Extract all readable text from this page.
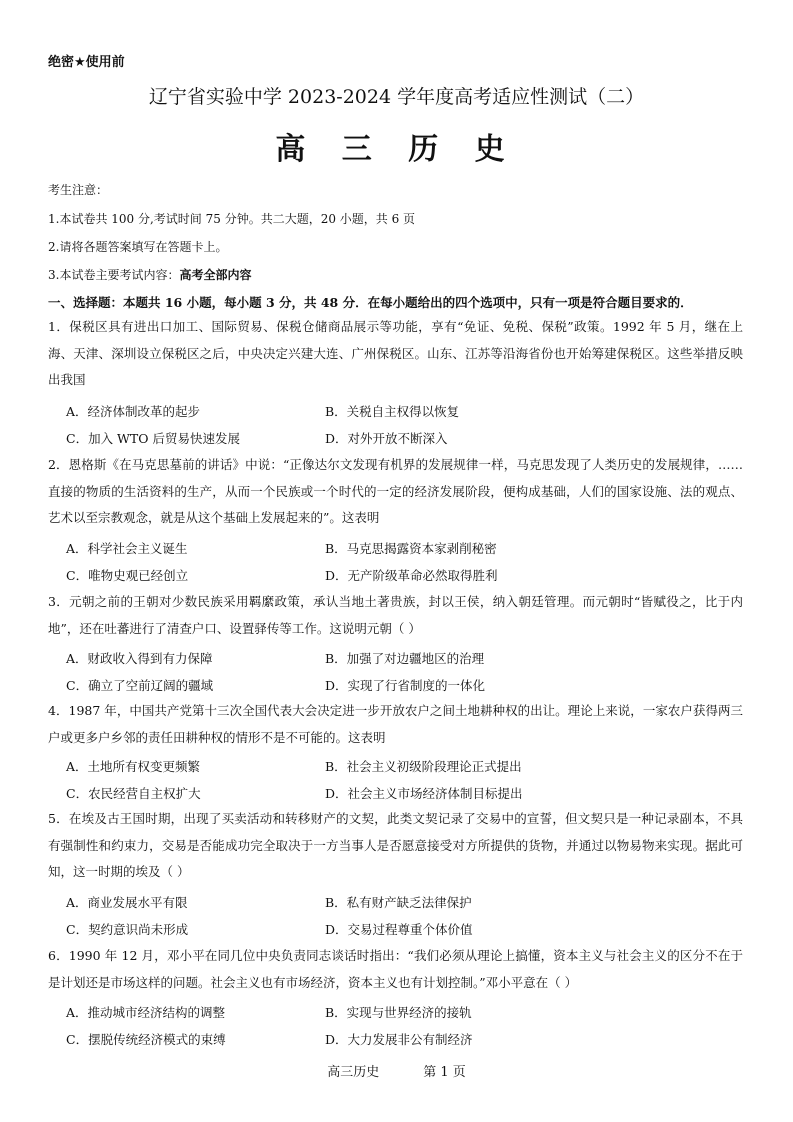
绝密★使用前
辽宁省实验中学 2023-2024 学年度高考适应性测试（二）
高 三 历 史
考生注意：
1.本试卷共 100 分,考试时间 75 分钟。共二大题，20 小题，共 6 页
2.请将各题答案填写在答题卡上。
3.本试卷主要考试内容：高考全部内容
一、选择题：本题共 16 小题，每小题 3 分，共 48 分．在每小题给出的四个选项中，只有一项是符合题目要求的．
1．保税区具有进出口加工、国际贸易、保税仓储商品展示等功能，享有“免证、免税、保税”政策。1992 年 5 月，继在上海、天津、深圳设立保税区之后，中央决定兴建大连、广州保税区。山东、江苏等沿海省份也开始筹建保税区。这些举措反映出我国
A．经济体制改革的起步	B．关税自主权得以恢复
C．加入 WTO 后贸易快速发展	D．对外开放不断深入
2．恩格斯《在马克思墓前的讲话》中说：“正像达尔文发现有机界的发展规律一样，马克思发现了人类历史的发展规律，……直接的物质的生活资料的生产，从而一个民族或一个时代的一定的经济发展阶段，便构成基础，人们的国家设施、法的观点、艺术以至宗教观念，就是从这个基础上发展起来的”。这表明
A．科学社会主义诞生	B．马克思揭露资本家剥削秘密
C．唯物史观已经创立	D．无产阶级革命必然取得胜利
3．元朝之前的王朝对少数民族采用羁縻政策，承认当地土著贵族，封以王侯，纳入朝廷管理。而元朝时“皆赋役之，比于内地”，还在吐蕃进行了清查户口、设置驿传等工作。这说明元朝（ ）
A．财政收入得到有力保障	B．加强了对边疆地区的治理
C．确立了空前辽阔的疆域	D．实现了行省制度的一体化
4．1987 年，中国共产党第十三次全国代表大会决定进一步开放农户之间土地耕种权的出让。理论上来说，一家农户获得两三户或更多户乡邻的责任田耕种权的情形不是不可能的。这表明
A．土地所有权变更频繁	B．社会主义初级阶段理论正式提出
C．农民经营自主权扩大	D．社会主义市场经济体制目标提出
5．在埃及古王国时期，出现了买卖活动和转移财产的文契，此类文契记录了交易中的宣誓，但文契只是一种记录副本，不具有强制性和约束力，交易是否能成功完全取决于一方当事人是否愿意接受对方所提供的货物，并通过以物易物来实现。据此可知，这一时期的埃及（ ）
A．商业发展水平有限	B．私有财产缺乏法律保护
C．契约意识尚未形成	D．交易过程尊重个体价值
6．1990 年 12 月，邓小平在同几位中央负责同志谈话时指出：“我们必须从理论上搞懂，资本主义与社会主义的区分不在于是计划还是市场这样的问题。社会主义也有市场经济，资本主义也有计划控制。”邓小平意在（ ）
A．推动城市经济结构的调整	B．实现与世界经济的接轨
C．摆脱传统经济模式的束缚	D．大力发展非公有制经济
高三历史	第 1 页
